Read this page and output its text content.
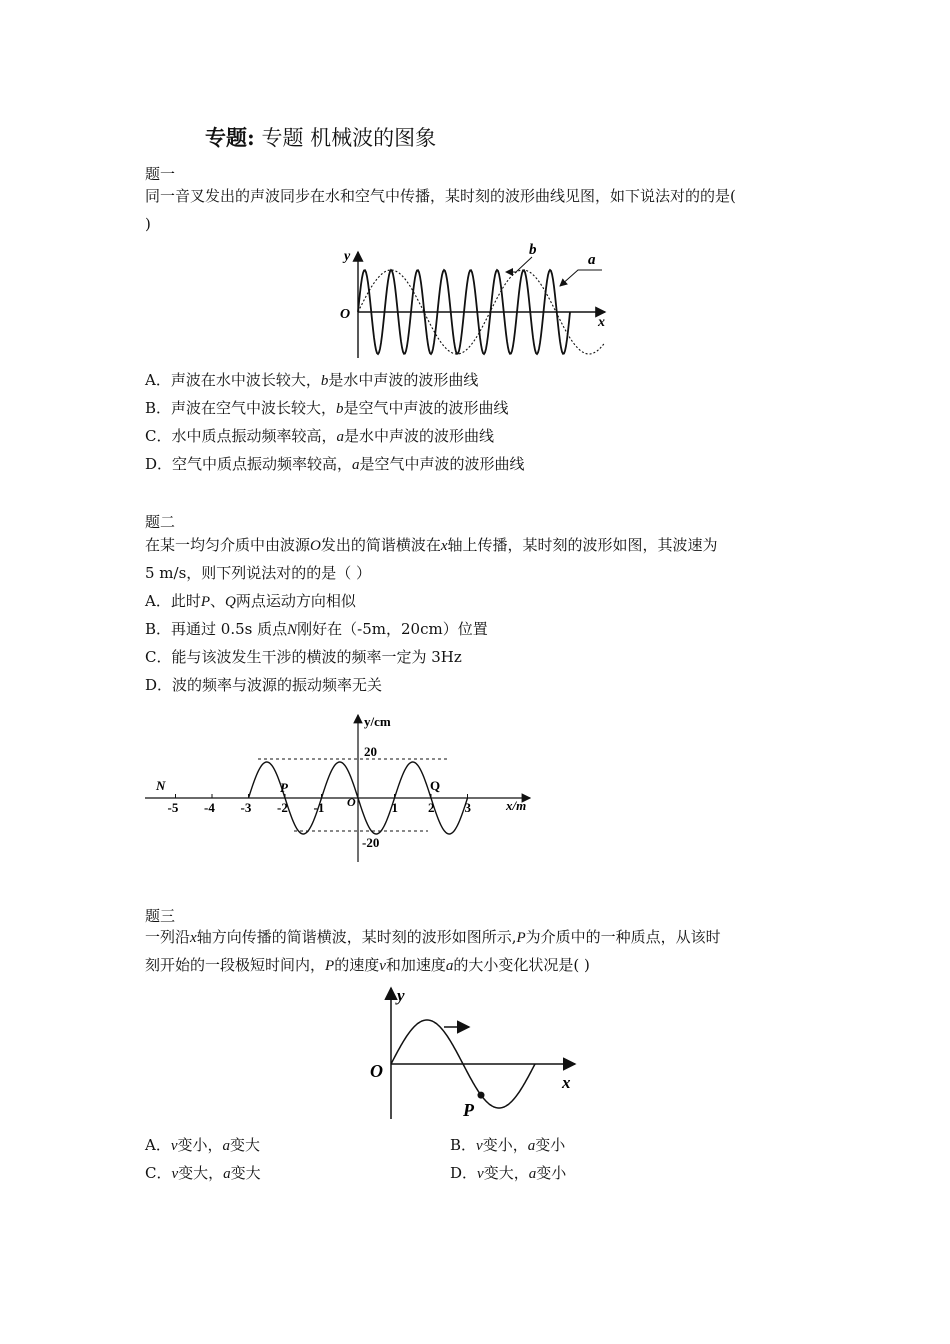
专题: 专题 机械波的图象
题一
同一音叉发出的声波同步在水和空气中传播，某时刻的波形曲线见图，如下说法对的的是(
)
y
x
O
b
a
A．声波在水中波长较大，b是水中声波的波形曲线
B．声波在空气中波长较大，b是空气中声波的波形曲线
C．水中质点振动频率较高，a是水中声波的波形曲线
D．空气中质点振动频率较高，a是空气中声波的波形曲线
题二
在某一均匀介质中由波源O发出的简谐横波在x轴上传播，某时刻的波形如图，其波速为
5 m/s，则下列说法对的的是（ ）
A．此时P、Q两点运动方向相似
B．再通过 0.5s 质点N刚好在（-5m，20cm）位置
C．能与该波发生干涉的横波的频率一定为 3Hz
D．波的频率与波源的振动频率无关
y/cm
x/m
20
-20
O
N	P	Q
-5 -4 -3 -2 -1	1 2 3
题三
一列沿x轴方向传播的简谐横波，某时刻的波形如图所示,P为介质中的一种质点，从该时
刻开始的一段极短时间内，P的速度v和加速度a的大小变化状况是( )
y
x
O
P
A．v变小，a变大	B．v变小，a变小
C．v变大，a变大	D．v变大，a变小
